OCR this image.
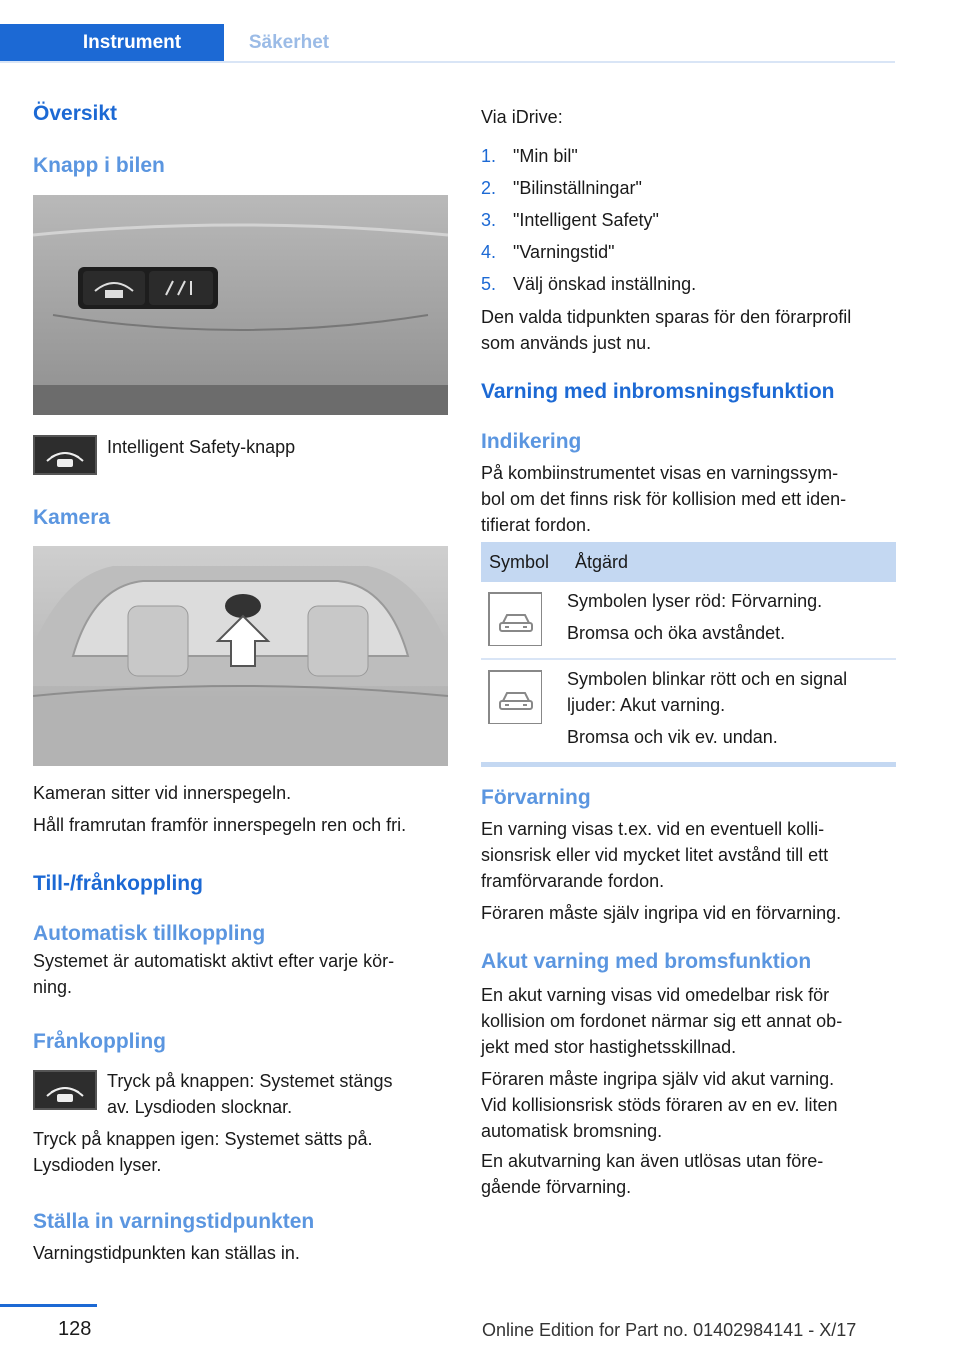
Instrument	Säkerhet
Översikt
Knapp i bilen
Intelligent Safety-knapp
Kamera
Kameran sitter vid innerspegeln.
Håll framrutan framför innerspegeln ren och fri.
Till-/frånkoppling
Automatisk tillkoppling
Systemet är automatiskt aktivt efter varje kör‐
ning.
Frånkoppling
Tryck på knappen: Systemet stängs
av. Lysdioden slocknar.
Tryck på knappen igen: Systemet sätts på.
Lysdioden lyser.
Ställa in varningstidpunkten
Varningstidpunkten kan ställas in.
Via iDrive:
1. "Min bil"
2. "Bilinställningar"
3. "Intelligent Safety"
4. "Varningstid"
5. Välj önskad inställning.
Den valda tidpunkten sparas för den förarprofil
som används just nu.
Varning med inbromsningsfunktion
Indikering
På kombiinstrumentet visas en varningssym‐
bol om det finns risk för kollision med ett iden‐
tifierat fordon.
Symbol	Åtgärd

Symbolen lyser röd: Förvarning.
Bromsa och öka avståndet.

Symbolen blinkar rött och en signal
ljuder: Akut varning.
Bromsa och vik ev. undan.
Förvarning
En varning visas t.ex. vid en eventuell kolli‐
sionsrisk eller vid mycket litet avstånd till ett
framförvarande fordon.
Föraren måste själv ingripa vid en förvarning.
Akut varning med bromsfunktion
En akut varning visas vid omedelbar risk för
kollision om fordonet närmar sig ett annat ob‐
jekt med stor hastighetsskillnad.
Föraren måste ingripa själv vid akut varning.
Vid kollisionsrisk stöds föraren av en ev. liten
automatisk bromsning.
En akutvarning kan även utlösas utan före‐
gående förvarning.
128	Online Edition for Part no. 01402984141 - X/17
